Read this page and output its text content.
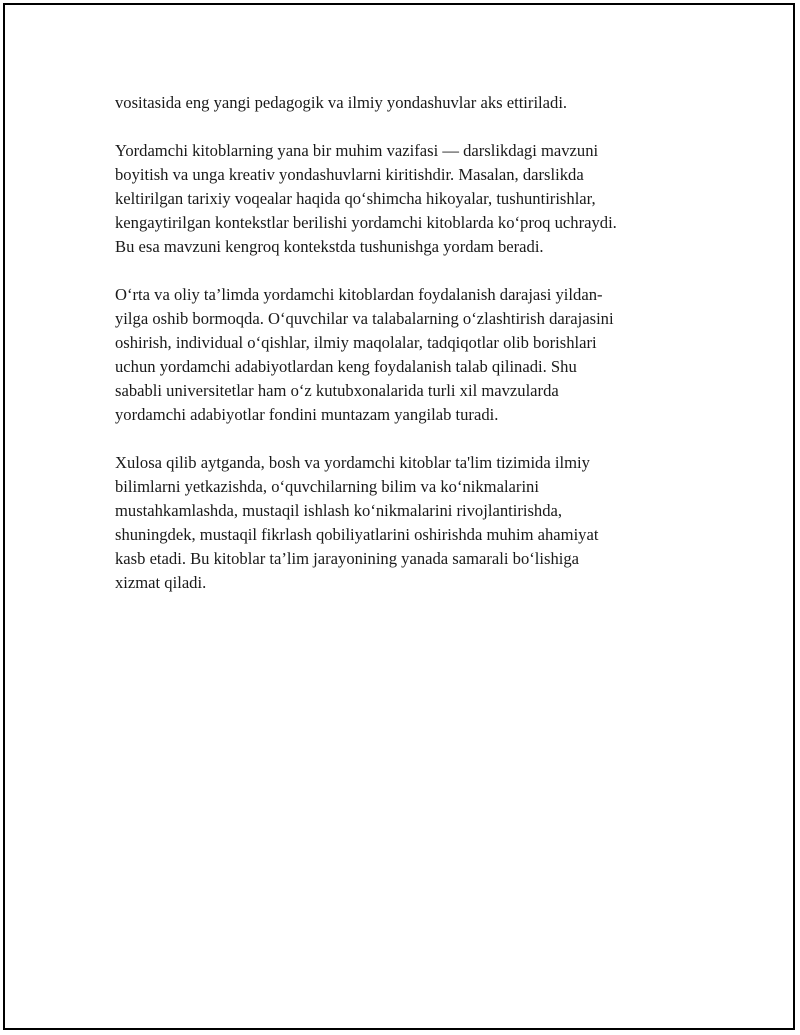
vositasida eng yangi pedagogik va ilmiy yondashuvlar aks ettiriladi.

Yordamchi kitoblarning yana bir muhim vazifasi — darslikdagi mavzuni
boyitish va unga kreativ yondashuvlarni kiritishdir. Masalan, darslikda
keltirilgan tarixiy voqealar haqida qo‘shimcha hikoyalar, tushuntirishlar,
kengaytirilgan kontekstlar berilishi yordamchi kitoblarda ko‘proq uchraydi.
Bu esa mavzuni kengroq kontekstda tushunishga yordam beradi.

O‘rta va oliy ta’limda yordamchi kitoblardan foydalanish darajasi yildan-
yilga oshib bormoqda. O‘quvchilar va talabalarning o‘zlashtirish darajasini
oshirish, individual o‘qishlar, ilmiy maqolalar, tadqiqotlar olib borishlari
uchun yordamchi adabiyotlardan keng foydalanish talab qilinadi. Shu
sababli universitetlar ham o‘z kutubxonalarida turli xil mavzularda
yordamchi adabiyotlar fondini muntazam yangilab turadi.

Xulosa qilib aytganda, bosh va yordamchi kitoblar ta'lim tizimida ilmiy
bilimlarni yetkazishda, o‘quvchilarning bilim va ko‘nikmalarini
mustahkamlashda, mustaqil ishlash ko‘nikmalarini rivojlantirishda,
shuningdek, mustaqil fikrlash qobiliyatlarini oshirishda muhim ahamiyat
kasb etadi. Bu kitoblar ta’lim jarayonining yanada samarali bo‘lishiga
xizmat qiladi.
